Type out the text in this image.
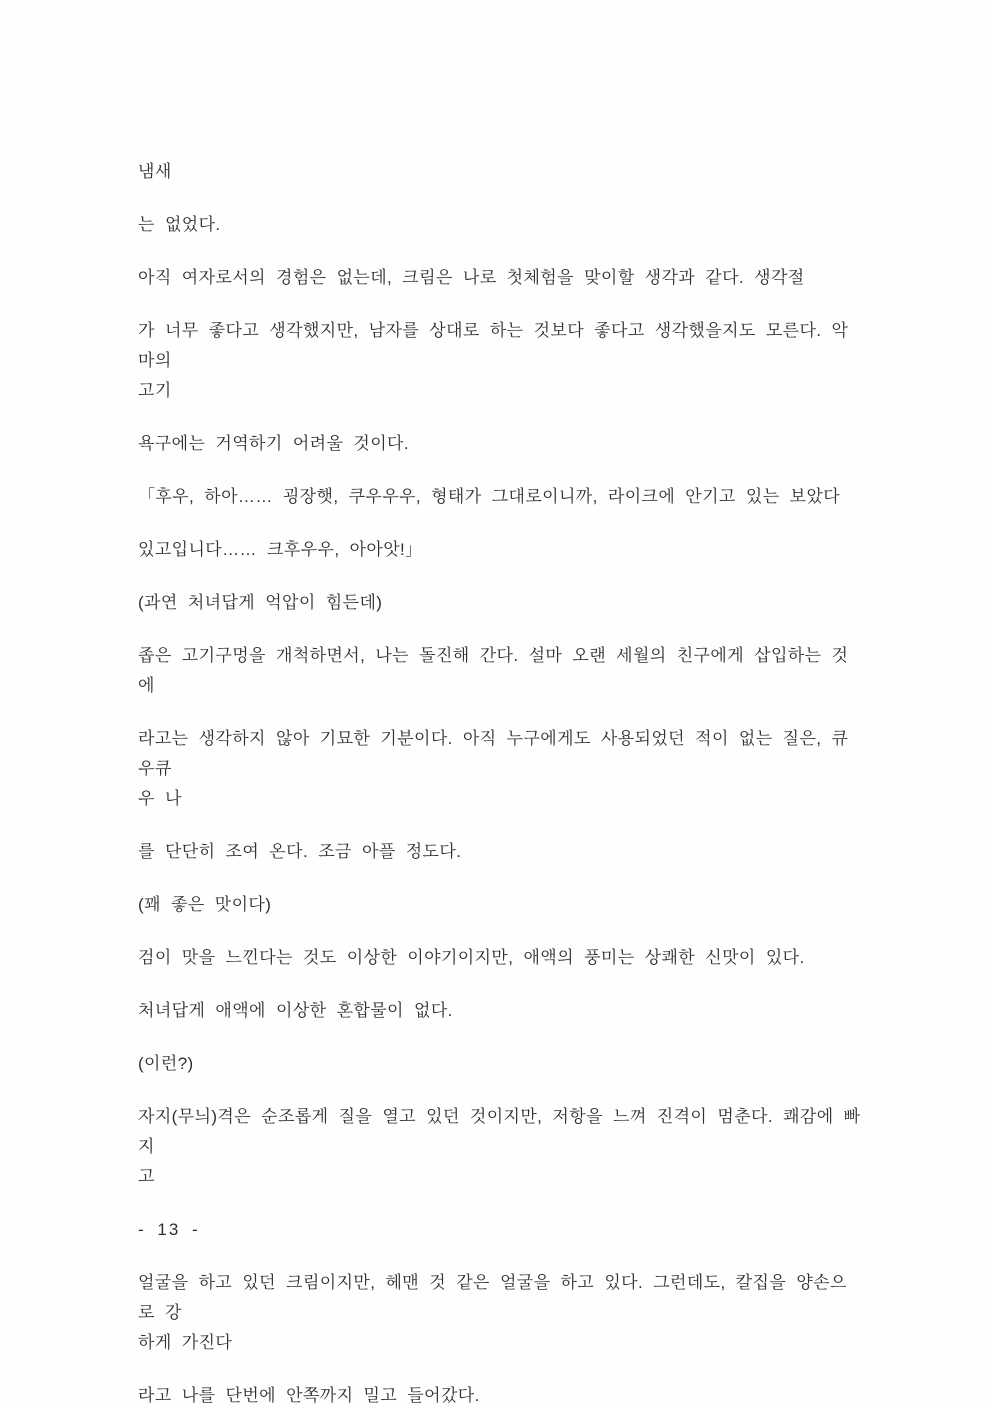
냄새
는 없었다.
아직 여자로서의 경험은 없는데, 크림은 나로 첫체험을 맞이할 생각과 같다. 생각절
가 너무 좋다고 생각했지만, 남자를 상대로 하는 것보다 좋다고 생각했을지도 모른다. 악마의
고기
욕구에는 거역하기 어려울 것이다.
「후우, 하아…… 굉장햇, 쿠우우우, 형태가 그대로이니까, 라이크에 안기고 있는 보았다
있고입니다…… 크후우우, 아아앗!」
(과연 처녀답게 억압이 힘든데)
좁은 고기구멍을 개척하면서, 나는 돌진해 간다. 설마 오랜 세월의 친구에게 삽입하는 것에
라고는 생각하지 않아 기묘한 기분이다. 아직 누구에게도 사용되었던 적이 없는 질은, 큐우큐
우 나
를 단단히 조여 온다. 조금 아플 정도다.
(꽤 좋은 맛이다)
검이 맛을 느낀다는 것도 이상한 이야기이지만, 애액의 풍미는 상쾌한 신맛이 있다.
처녀답게 애액에 이상한 혼합물이 없다.
(이런?)
자지(무늬)격은 순조롭게 질을 열고 있던 것이지만, 저항을 느껴 진격이 멈춘다. 쾌감에 빠지
고
- 13 -
얼굴을 하고 있던 크림이지만, 헤맨 것 같은 얼굴을 하고 있다. 그런데도, 칼집을 양손으로 강
하게 가진다
라고 나를 단번에 안쪽까지 밀고 들어갔다.
